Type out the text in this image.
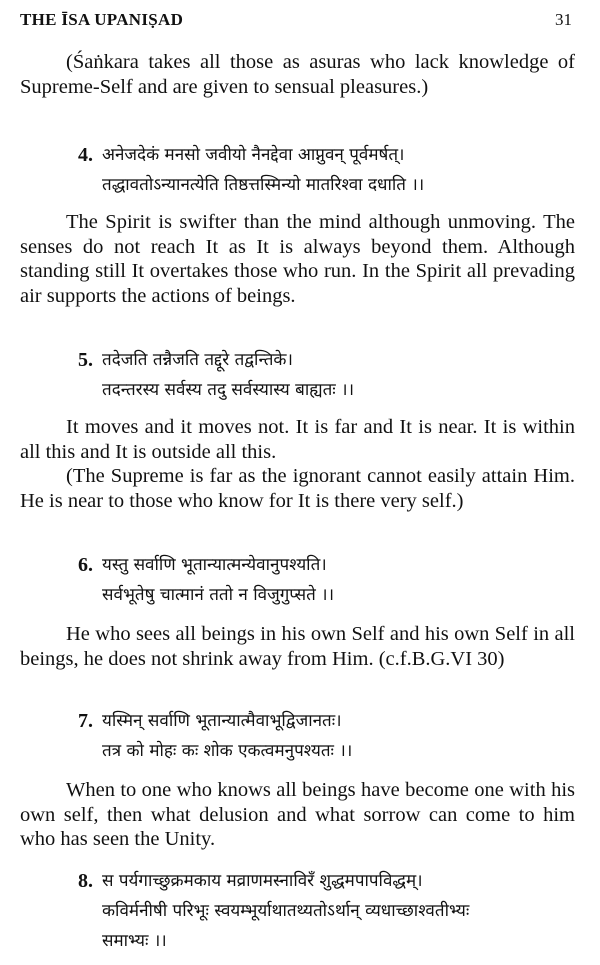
THE ĪSA UPANIṢAD	31

(Śaṅkara takes all those as asuras who lack knowledge of Supreme-Self and are given to sensual pleasures.)

4. अनेजदेकं मनसो जवीयो नैनद्देवा आप्नुवन् पूर्वमर्षत्।
तद्धावतोऽन्यानत्येति तिष्ठत्तस्मिन्यो मातरिश्वा दधाति ।।

The Spirit is swifter than the mind although unmoving. The senses do not reach It as It is always beyond them. Although standing still It overtakes those who run. In the Spirit all prevading air supports the actions of beings.

5. तदेजति तन्नैजति तद्दूरे तद्वन्तिके।
तदन्तरस्य सर्वस्य तदु सर्वस्यास्य बाह्यतः ।।

It moves and it moves not. It is far and It is near. It is within all this and It is outside all this.

(The Supreme is far as the ignorant cannot easily attain Him. He is near to those who know for It is there very self.)

6. यस्तु सर्वाणि भूतान्यात्मन्येवानुपश्यति।
सर्वभूतेषु चात्मानं ततो न विजुगुप्सते ।।

He who sees all beings in his own Self and his own Self in all beings, he does not shrink away from Him. (c.f.B.G.VI 30)

7. यस्मिन् सर्वाणि भूतान्यात्मैवाभूद्विजानतः।
तत्र को मोहः कः शोक एकत्वमनुपश्यतः ।।

When to one who knows all beings have become one with his own self, then what delusion and what sorrow can come to him who has seen the Unity.

8. स पर्यगाच्छुक्रमकाय मव्राणमस्नाविरँ शुद्धमपापविद्धम्।
कविर्मनीषी परिभूः स्वयम्भूर्याथातथ्यतोऽर्थान् व्यधाच्छाश्वतीभ्यः
समाभ्यः ।।
